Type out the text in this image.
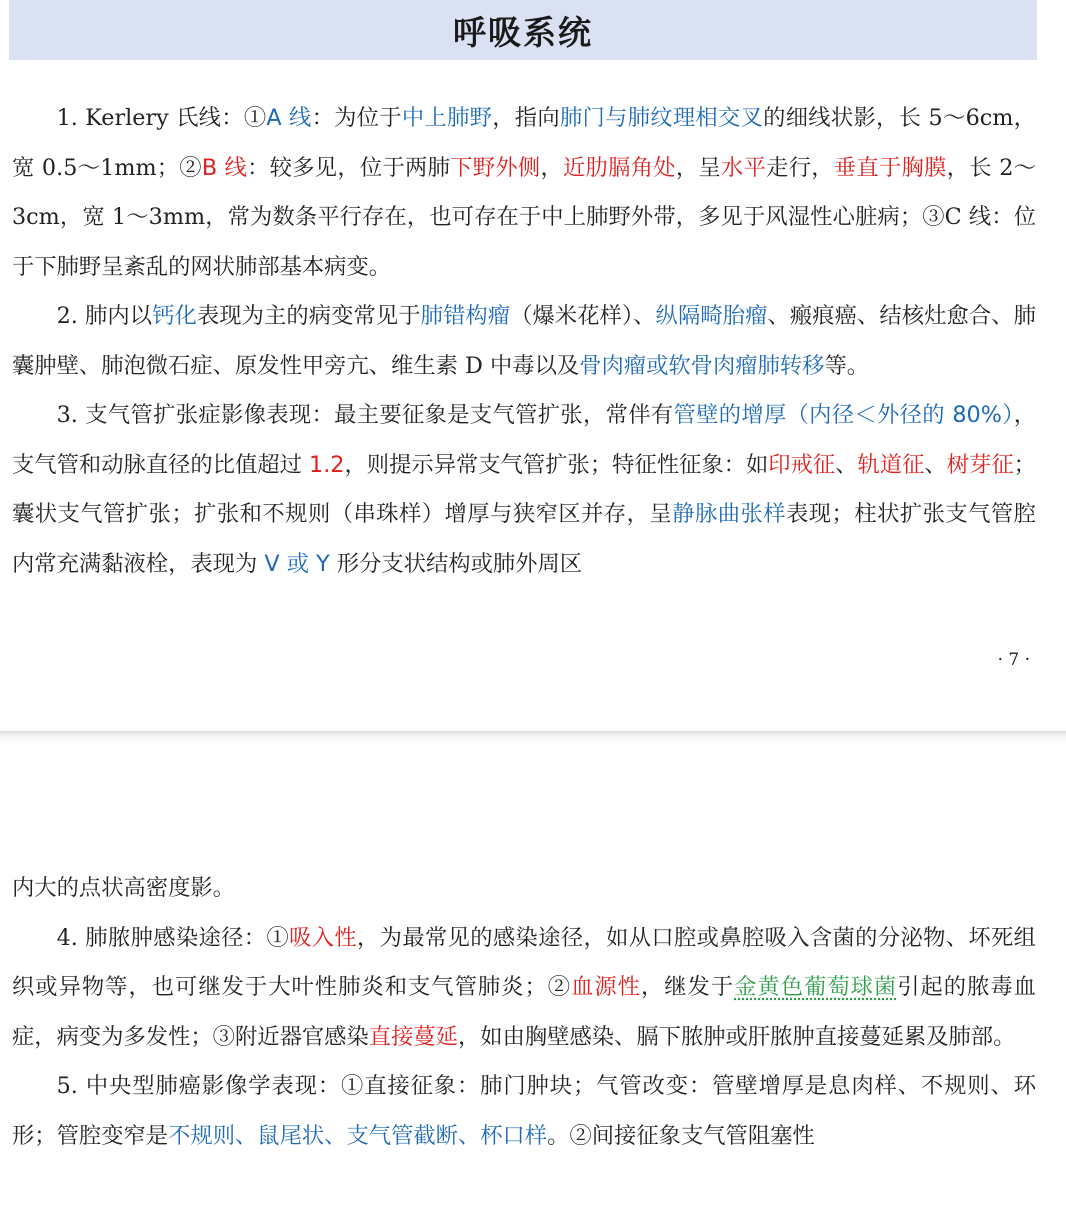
呼吸系统

1. Kerlery 氏线：①A 线：为位于中上肺野，指向肺门与肺纹理相交叉的细线状影，长 5～6cm，宽 0.5～1mm；②B 线：较多见，位于两肺下野外侧，近肋膈角处，呈水平走行，垂直于胸膜，长 2～3cm，宽 1～3mm，常为数条平行存在，也可存在于中上肺野外带，多见于风湿性心脏病；③C 线：位于下肺野呈紊乱的网状肺部基本病变。

2. 肺内以钙化表现为主的病变常见于肺错构瘤（爆米花样）、纵隔畸胎瘤、瘢痕癌、结核灶愈合、肺囊肿壁、肺泡微石症、原发性甲旁亢、维生素 D 中毒以及骨肉瘤或软骨肉瘤肺转移等。

3. 支气管扩张症影像表现：最主要征象是支气管扩张，常伴有管壁的增厚（内径＜外径的 80%），支气管和动脉直径的比值超过 1.2，则提示异常支气管扩张；特征性征象：如印戒征、轨道征、树芽征；囊状支气管扩张；扩张和不规则（串珠样）增厚与狭窄区并存，呈静脉曲张样表现；柱状扩张支气管腔内常充满黏液栓，表现为 V 或 Y 形分支状结构或肺外周区

· 7 ·

内大的点状高密度影。

4. 肺脓肿感染途径：①吸入性，为最常见的感染途径，如从口腔或鼻腔吸入含菌的分泌物、坏死组织或异物等，也可继发于大叶性肺炎和支气管肺炎；②血源性，继发于金黄色葡萄球菌引起的脓毒血症，病变为多发性；③附近器官感染直接蔓延，如由胸壁感染、膈下脓肿或肝脓肿直接蔓延累及肺部。

5. 中央型肺癌影像学表现：①直接征象：肺门肿块；气管改变：管壁增厚是息肉样、不规则、环形；管腔变窄是不规则、鼠尾状、支气管截断、杯口样。②间接征象支气管阻塞性
